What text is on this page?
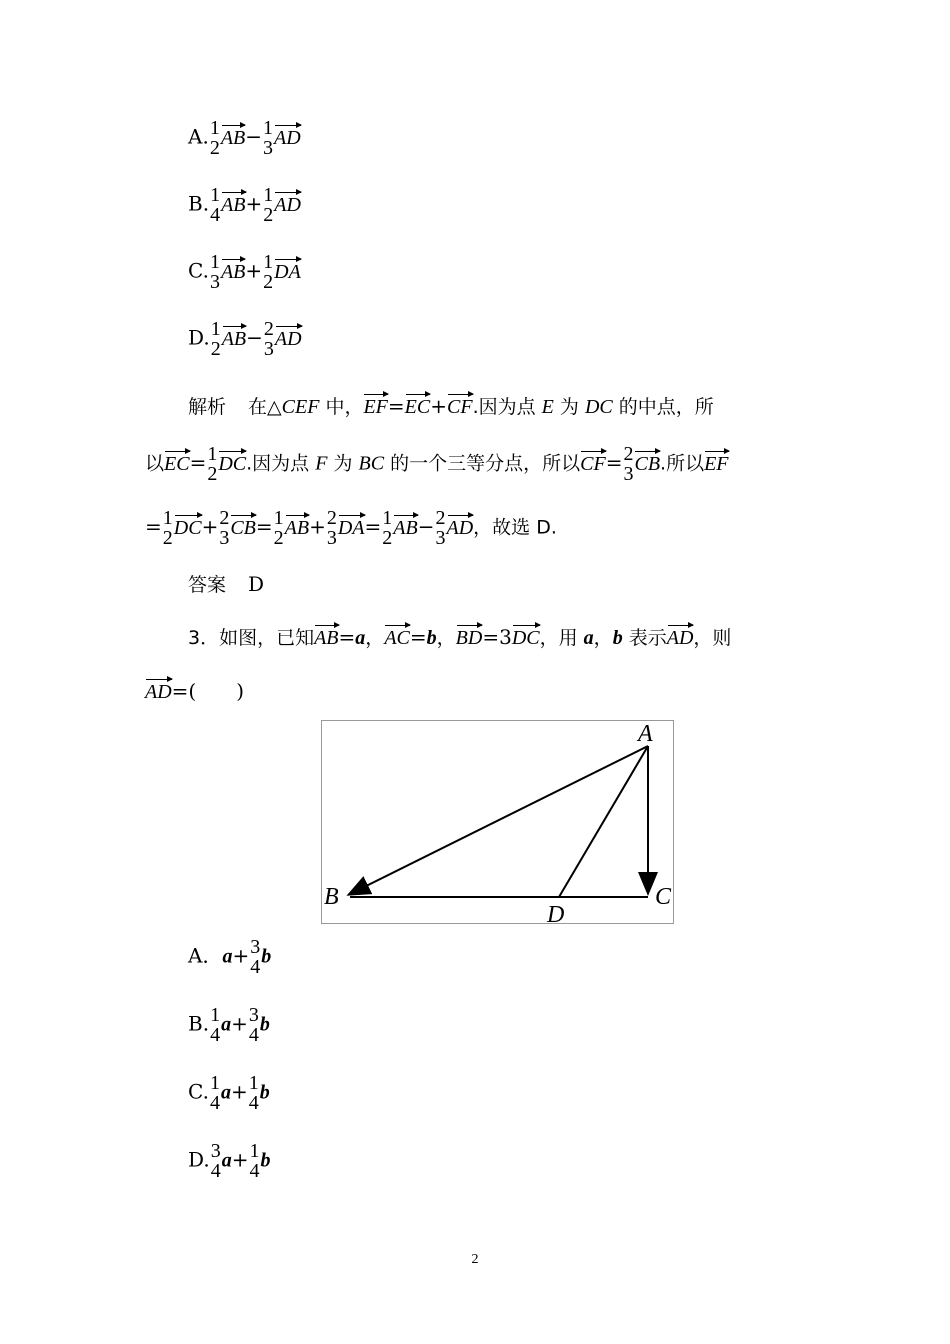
A. 1
2 AB− 1
3 AD
B. 1
4 AB+ 1
2 AD
C. 1
3 AB+ 1
2 DA
D. 1
2 AB− 2
3 AD
解析 在△CEF 中，EF=EC+CF.因为点 E 为 DC 的中点，所
以EC= 1
2 DC.因为点 F 为 BC 的一个三等分点，所以CF= 2
3 CB.所以EF
= 1
2 DC+ 2
3 CB= 1
2 AB+ 2
3 DA= 1
2 AB− 2
3 AD，故选 D.
答案 D
3．如图，已知AB=a，AC=b，BD=3DC，用 a，b 表示AD，则
AD=(　　)
A
B	C
D
A．a+ 3
4 b
B. 1
4 a+ 3
4 b
C. 1
4 a+ 1
4 b
D. 3
4 a+ 1
4 b
2
